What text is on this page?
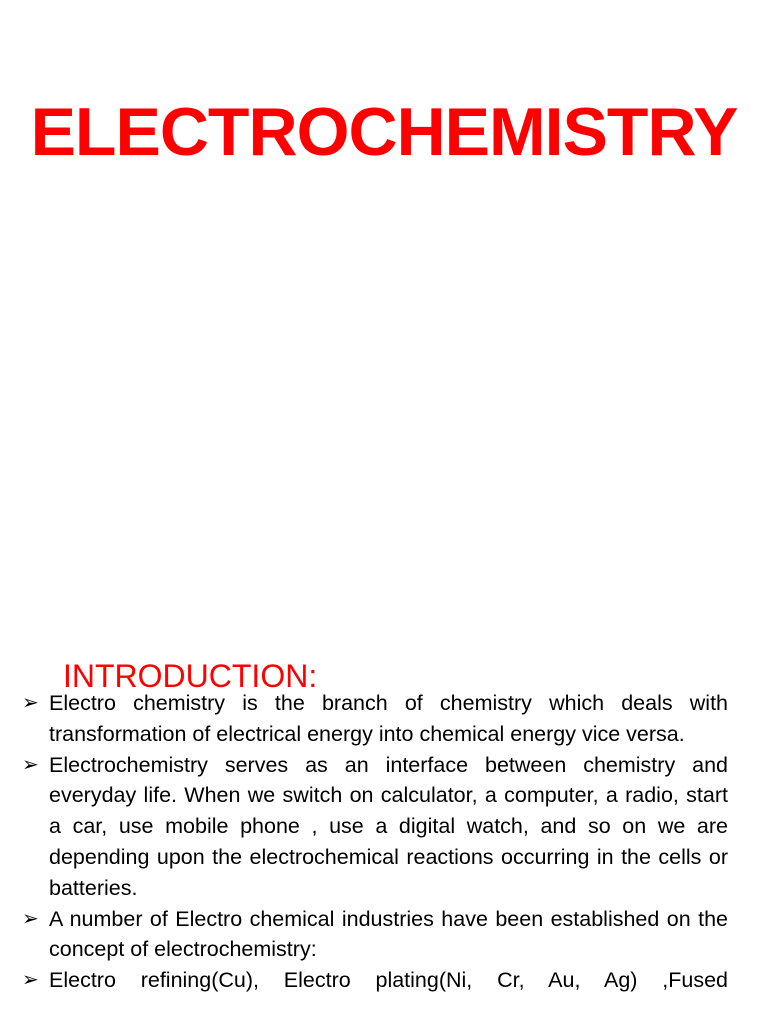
ELECTROCHEMISTRY
INTRODUCTION:
➢ Electro chemistry is the branch of chemistry which deals with transformation of electrical energy into chemical energy vice versa.
➢ Electrochemistry serves as an interface between chemistry and everyday life. When we switch on calculator, a computer, a radio, start a car, use mobile phone , use a digital watch, and so on we are depending upon the electrochemical reactions occurring in the cells or batteries.
➢ A number of Electro chemical industries have been established on the concept of electrochemistry:
➢ Electro refining(Cu), Electro plating(Ni, Cr, Au, Ag) ,Fused
